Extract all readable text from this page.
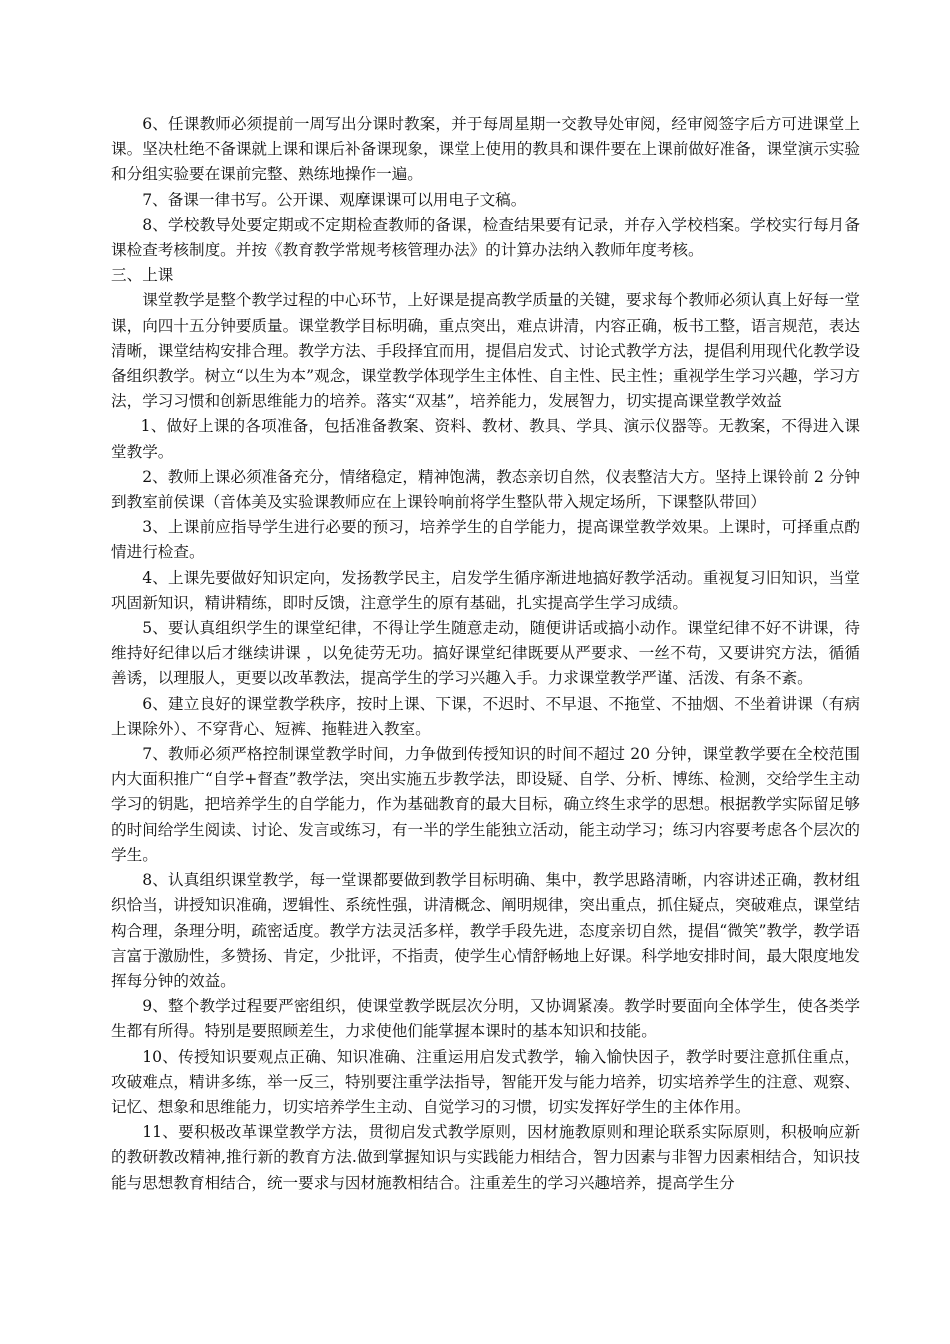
6、任课教师必须提前一周写出分课时教案，并于每周星期一交教导处审阅，经审阅签字后方可进课堂上课。坚决杜绝不备课就上课和课后补备课现象，课堂上使用的教具和课件要在上课前做好准备，课堂演示实验和分组实验要在课前完整、熟练地操作一遍。

7、备课一律书写。公开课、观摩课课可以用电子文稿。

8、学校教导处要定期或不定期检查教师的备课，检查结果要有记录，并存入学校档案。学校实行每月备课检查考核制度。并按《教育教学常规考核管理办法》的计算办法纳入教师年度考核。

三、上课

课堂教学是整个教学过程的中心环节，上好课是提高教学质量的关键，要求每个教师必须认真上好每一堂课，向四十五分钟要质量。课堂教学目标明确，重点突出，难点讲清，内容正确，板书工整，语言规范，表达清晰，课堂结构安排合理。教学方法、手段择宜而用，提倡启发式、讨论式教学方法，提倡利用现代化教学设备组织教学。树立“以生为本”观念，课堂教学体现学生主体性、自主性、民主性；重视学生学习兴趣，学习方法，学习习惯和创新思维能力的培养。落实“双基”，培养能力，发展智力，切实提高课堂教学效益

1、做好上课的各项准备，包括准备教案、资料、教材、教具、学具、演示仪器等。无教案，不得进入课堂教学。

2、教师上课必须准备充分，情绪稳定，精神饱满，教态亲切自然，仪表整洁大方。坚持上课铃前 2 分钟到教室前侯课（音体美及实验课教师应在上课铃响前将学生整队带入规定场所，下课整队带回）

3、上课前应指导学生进行必要的预习，培养学生的自学能力，提高课堂教学效果。上课时，可择重点酌情进行检查。

4、上课先要做好知识定向，发扬教学民主，启发学生循序渐进地搞好教学活动。重视复习旧知识，当堂巩固新知识，精讲精练，即时反馈，注意学生的原有基础，扎实提高学生学习成绩。

5、要认真组织学生的课堂纪律，不得让学生随意走动，随便讲话或搞小动作。课堂纪律不好不讲课，待维持好纪律以后才继续讲课 ，以免徒劳无功。搞好课堂纪律既要从严要求、一丝不苟，又要讲究方法，循循善诱，以理服人，更要以改革教法，提高学生的学习兴趣入手。力求课堂教学严谨、活泼、有条不紊。

6、建立良好的课堂教学秩序，按时上课、下课，不迟时、不早退、不拖堂、不抽烟、不坐着讲课（有病上课除外）、不穿背心、短裤、拖鞋进入教室。

7、教师必须严格控制课堂教学时间，力争做到传授知识的时间不超过 20 分钟，课堂教学要在全校范围内大面积推广“自学+督查”教学法，突出实施五步教学法，即设疑、自学、分析、博练、检测，交给学生主动学习的钥匙，把培养学生的自学能力，作为基础教育的最大目标，确立终生求学的思想。根据教学实际留足够的时间给学生阅读、讨论、发言或练习，有一半的学生能独立活动，能主动学习；练习内容要考虑各个层次的学生。

8、认真组织课堂教学，每一堂课都要做到教学目标明确、集中，教学思路清晰，内容讲述正确，教材组织恰当，讲授知识准确，逻辑性、系统性强，讲清概念、阐明规律，突出重点，抓住疑点，突破难点，课堂结构合理，条理分明，疏密适度。教学方法灵活多样，教学手段先进，态度亲切自然，提倡“微笑”教学，教学语言富于激励性，多赞扬、肯定，少批评，不指责，使学生心情舒畅地上好课。科学地安排时间，最大限度地发挥每分钟的效益。

9、整个教学过程要严密组织，使课堂教学既层次分明，又协调紧凑。教学时要面向全体学生，使各类学生都有所得。特别是要照顾差生，力求使他们能掌握本课时的基本知识和技能。

10、传授知识要观点正确、知识准确、注重运用启发式教学，输入愉快因子，教学时要注意抓住重点，攻破难点，精讲多练，举一反三，特别要注重学法指导，智能开发与能力培养，切实培养学生的注意、观察、记忆、想象和思维能力，切实培养学生主动、自觉学习的习惯，切实发挥好学生的主体作用。

11、要积极改革课堂教学方法，贯彻启发式教学原则，因材施教原则和理论联系实际原则，积极响应新的教研教改精神,推行新的教育方法.做到掌握知识与实践能力相结合，智力因素与非智力因素相结合，知识技能与思想教育相结合，统一要求与因材施教相结合。注重差生的学习兴趣培养，提高学生分
